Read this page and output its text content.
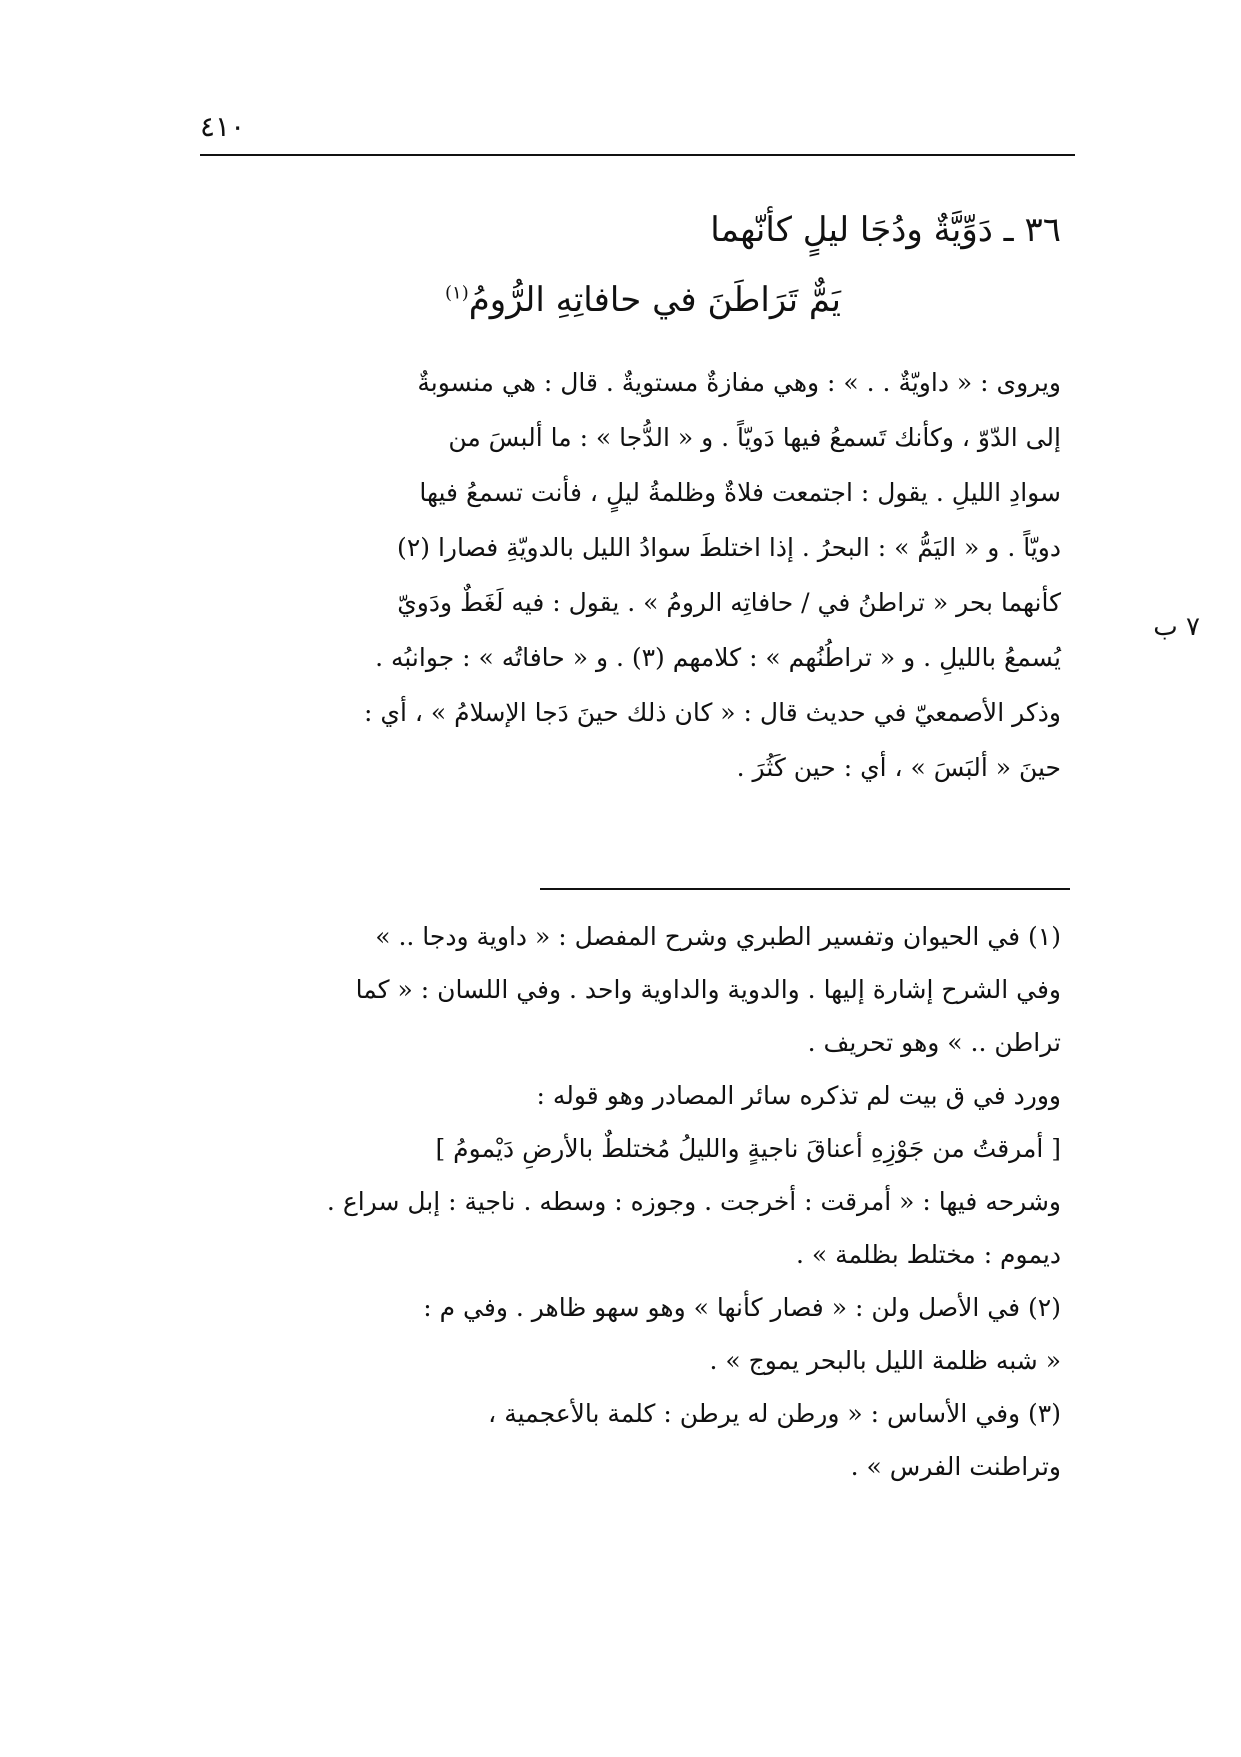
٤١٠
٣٦ ـ دَوِّيَّةٌ ودُجَا ليلٍ كأنّهما
يَمٌّ تَرَاطَنَ في حافاتِهِ الرُّومُ$^{(١)}$

ويروى : « داويّةٌ . . » : وهي مفازةٌ مستويةٌ . قال : هي منسوبةٌ

إلى الدّوّ ، وكأنك تَسمعُ فيها دَويّاً . و « الدُّجا » : ما ألبسَ من

سوادِ الليلِ . يقول : اجتمعت فلاةٌ وظلمةُ ليلٍ ، فأنت تسمعُ فيها

دويّاً . و « اليَمُّ » : البحرُ . إذا اختلطَ سوادُ الليل بالدويّةِ فصارا (٢)

كأنهما بحر « تراطنُ في / حافاتِه الرومُ » . يقول : فيه لَغَطٌ ودَويّ

يُسمعُ بالليلِ . و « تراطُنُهم » : كلامهم (٣) . و « حافاتُه » : جوانبُه .

وذكر الأصمعيّ في حديث قال : « كان ذلك حينَ دَجا الإسلامُ » ، أي :

حينَ « ألبَسَ » ، أي : حين كَثُرَ .

٧ ب

(١) في الحيوان وتفسير الطبري وشرح المفصل : « داوية ودجا .. »

وفي الشرح إشارة إليها . والدوية والداوية واحد . وفي اللسان : « كما

تراطن .. » وهو تحريف .

وورد في ق بيت لم تذكره سائر المصادر وهو قوله :

[ أمرقتُ من جَوْزِهِ أعناقَ ناجيةٍ والليلُ مُختلطٌ بالأرضِ دَيْمومُ ]

وشرحه فيها : « أمرقت : أخرجت . وجوزه : وسطه . ناجية : إبل سراع .

ديموم : مختلط بظلمة » .

(٢) في الأصل ولن : « فصار كأنها » وهو سهو ظاهر . وفي م :

« شبه ظلمة الليل بالبحر يموج » .

(٣) وفي الأساس : « ورطن له يرطن : كلمة بالأعجمية ،

وتراطنت الفرس » .
